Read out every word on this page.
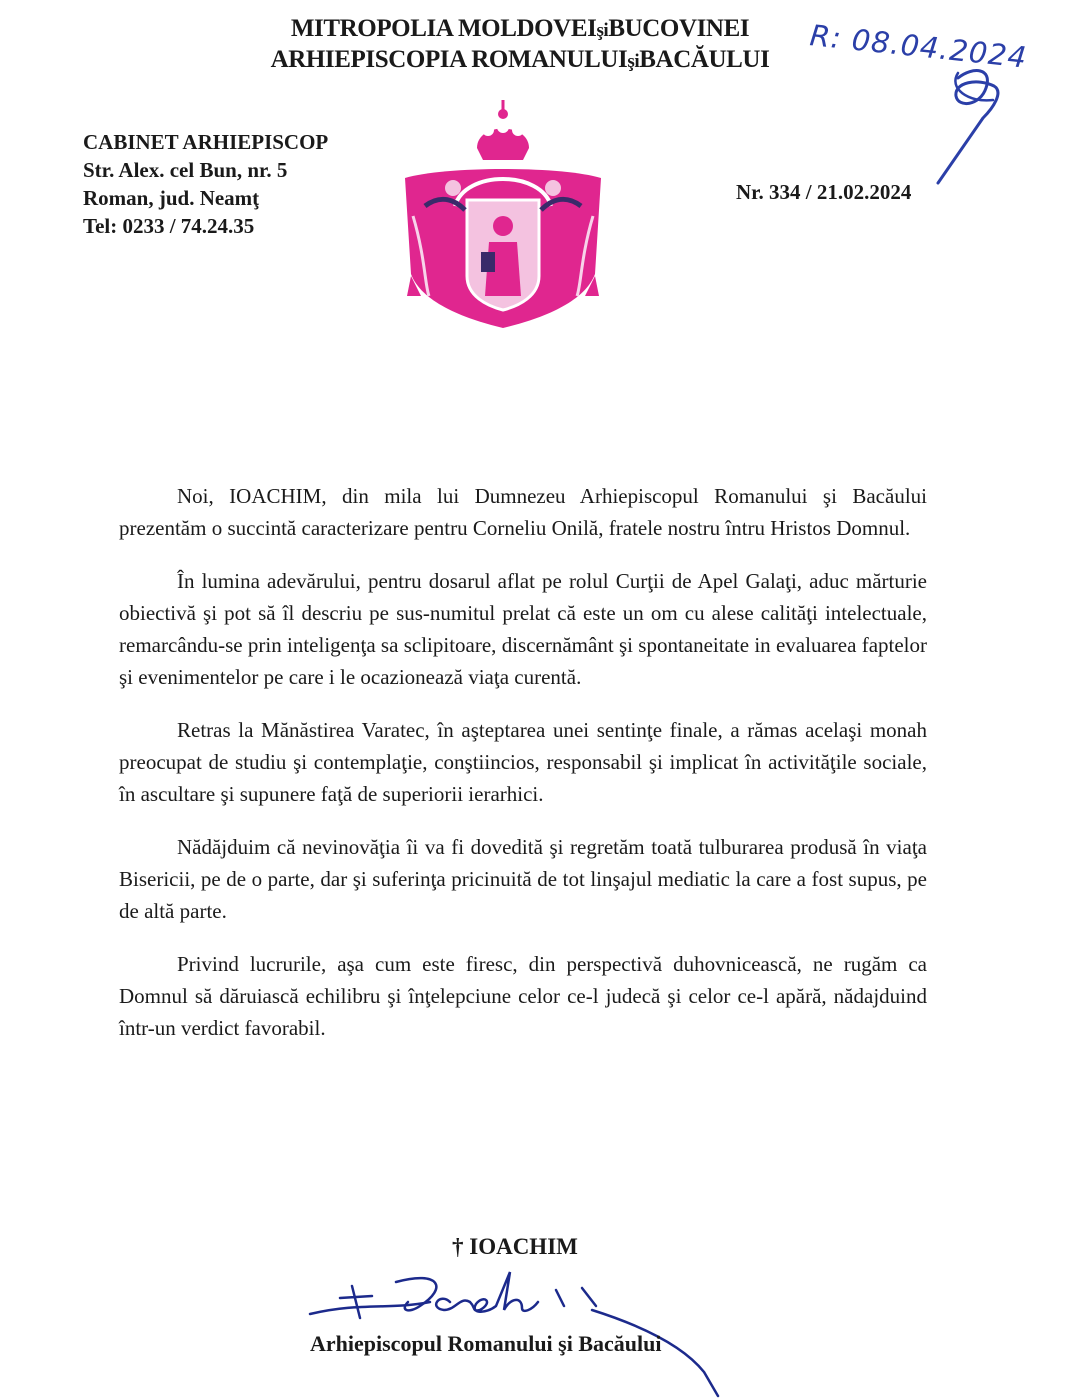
MITROPOLIA MOLDOVEIşiBUCOVINEI
ARHIEPISCOPIA ROMANULUIşiBACĂULUI	R: 08.04.2024
CABINET ARHIEPISCOP
Str. Alex. cel Bun, nr. 5
Roman, jud. Neamţ
Tel: 0233 / 74.24.35
Nr. 334 / 21.02.2024

Noi, IOACHIM, din mila lui Dumnezeu Arhiepiscopul Romanului şi Bacăului prezentăm o succintă caracterizare pentru Corneliu Onilă, fratele nostru întru Hristos Domnul.

În lumina adevărului, pentru dosarul aflat pe rolul Curţii de Apel Galaţi, aduc mărturie obiectivă şi pot să îl descriu pe sus-numitul prelat că este un om cu alese calităţi intelectuale, remarcându-se prin inteligenţa sa sclipitoare, discernământ şi spontaneitate in evaluarea faptelor şi evenimentelor pe care i le ocazionează viaţa curentă.

Retras la Mănăstirea Varatec, în aşteptarea unei sentinţe finale, a rămas acelaşi monah preocupat de studiu şi contemplaţie, conştiincios, responsabil şi implicat în activităţile sociale, în ascultare şi supunere faţă de superiorii ierarhici.

Nădăjduim că nevinovăţia îi va fi dovedită şi regretăm toată tulburarea produsă în viaţa Bisericii, pe de o parte, dar şi suferinţa pricinuită de tot linşajul mediatic la care a fost supus, pe de altă parte.

Privind lucrurile, aşa cum este firesc, din perspectivă duhovnicească, ne rugăm ca Domnul să dăruiască echilibru şi înţelepciune celor ce-l judecă şi celor ce-l apără, nădajduind într-un verdict favorabil.

† IOACHIM
Arhiepiscopul Romanului şi Bacăului
